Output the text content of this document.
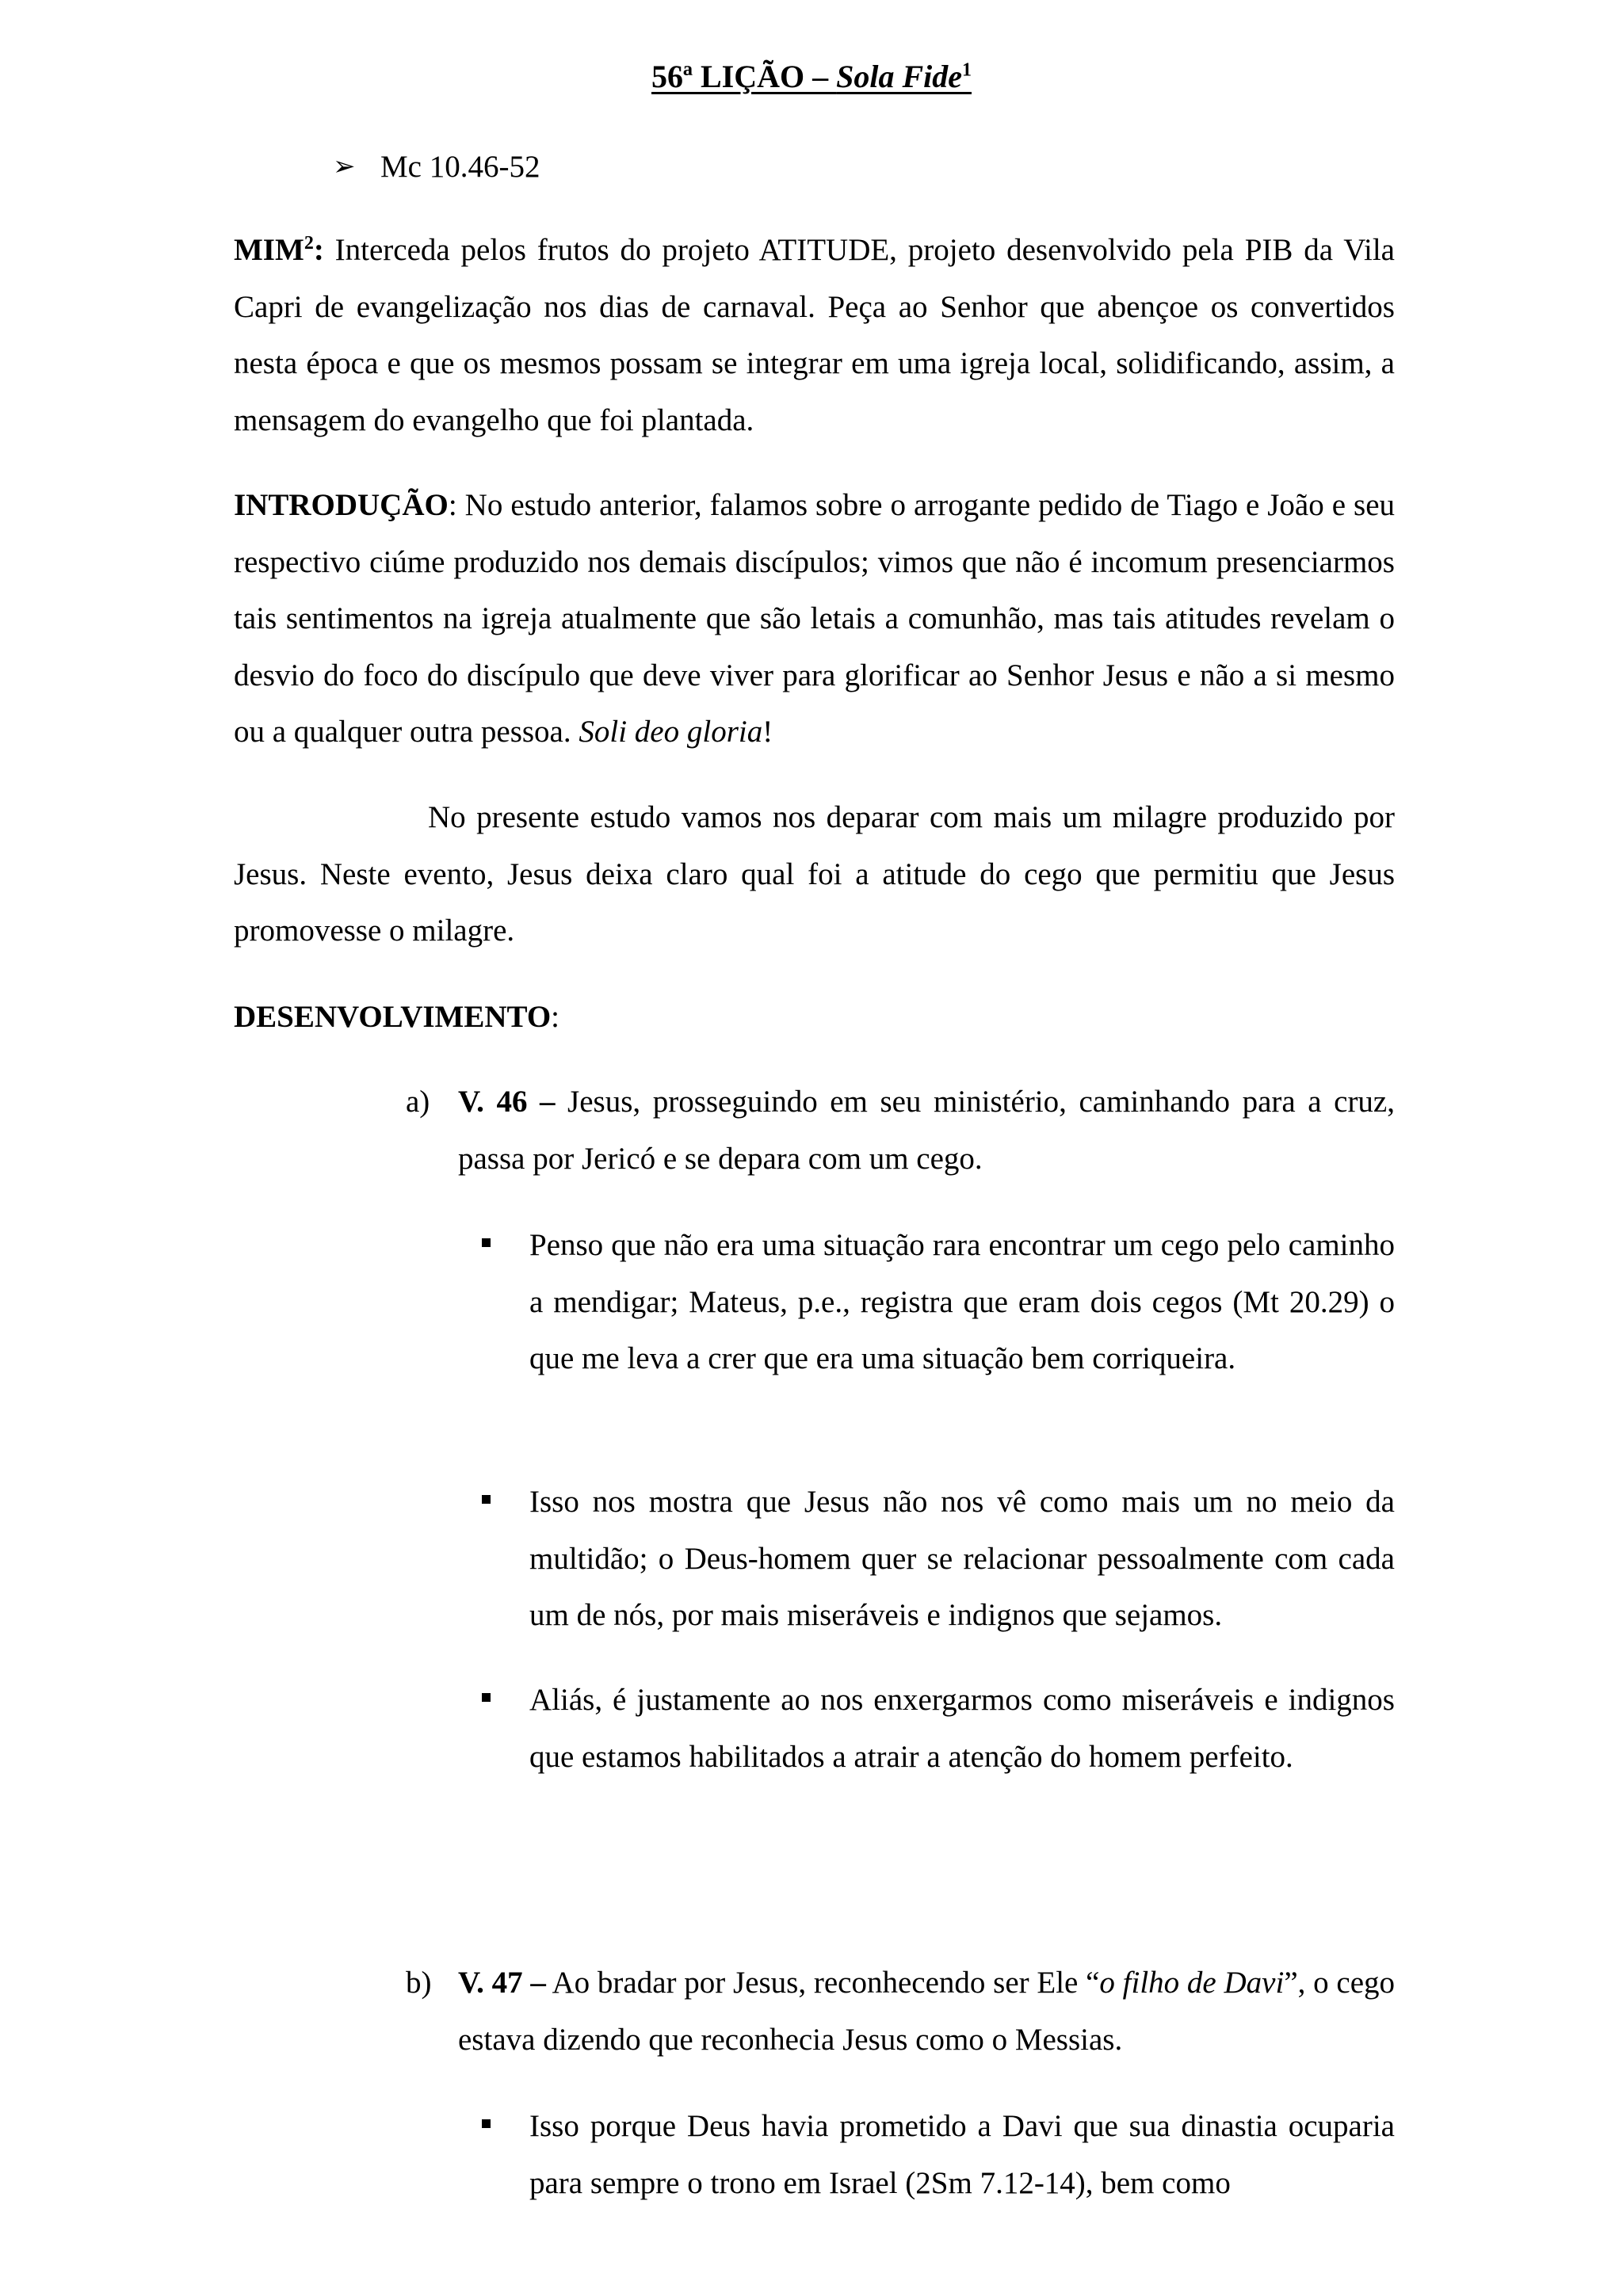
56ª LIÇÃO – Sola Fide$^1$

➢ Mc 10.46-52

MIM$^2$: Interceda pelos frutos do projeto ATITUDE, projeto desenvolvido pela PIB da Vila Capri de evangelização nos dias de carnaval. Peça ao Senhor que abençoe os convertidos nesta época e que os mesmos possam se integrar em uma igreja local, solidificando, assim, a mensagem do evangelho que foi plantada.

INTRODUÇÃO: No estudo anterior, falamos sobre o arrogante pedido de Tiago e João e seu respectivo ciúme produzido nos demais discípulos; vimos que não é incomum presenciarmos tais sentimentos na igreja atualmente que são letais a comunhão, mas tais atitudes revelam o desvio do foco do discípulo que deve viver para glorificar ao Senhor Jesus e não a si mesmo ou a qualquer outra pessoa. Soli deo gloria!

No presente estudo vamos nos deparar com mais um milagre produzido por Jesus. Neste evento, Jesus deixa claro qual foi a atitude do cego que permitiu que Jesus promovesse o milagre.

DESENVOLVIMENTO:

a) V. 46 – Jesus, prosseguindo em seu ministério, caminhando para a cruz, passa por Jericó e se depara com um cego.

Penso que não era uma situação rara encontrar um cego pelo caminho a mendigar; Mateus, p.e., registra que eram dois cegos (Mt 20.29) o que me leva a crer que era uma situação bem corriqueira.

Isso nos mostra que Jesus não nos vê como mais um no meio da multidão; o Deus-homem quer se relacionar pessoalmente com cada um de nós, por mais miseráveis e indignos que sejamos.

Aliás, é justamente ao nos enxergarmos como miseráveis e indignos que estamos habilitados a atrair a atenção do homem perfeito.

b) V. 47 – Ao bradar por Jesus, reconhecendo ser Ele “o filho de Davi”, o cego estava dizendo que reconhecia Jesus como o Messias.

Isso porque Deus havia prometido a Davi que sua dinastia ocuparia para sempre o trono em Israel (2Sm 7.12-14), bem como
